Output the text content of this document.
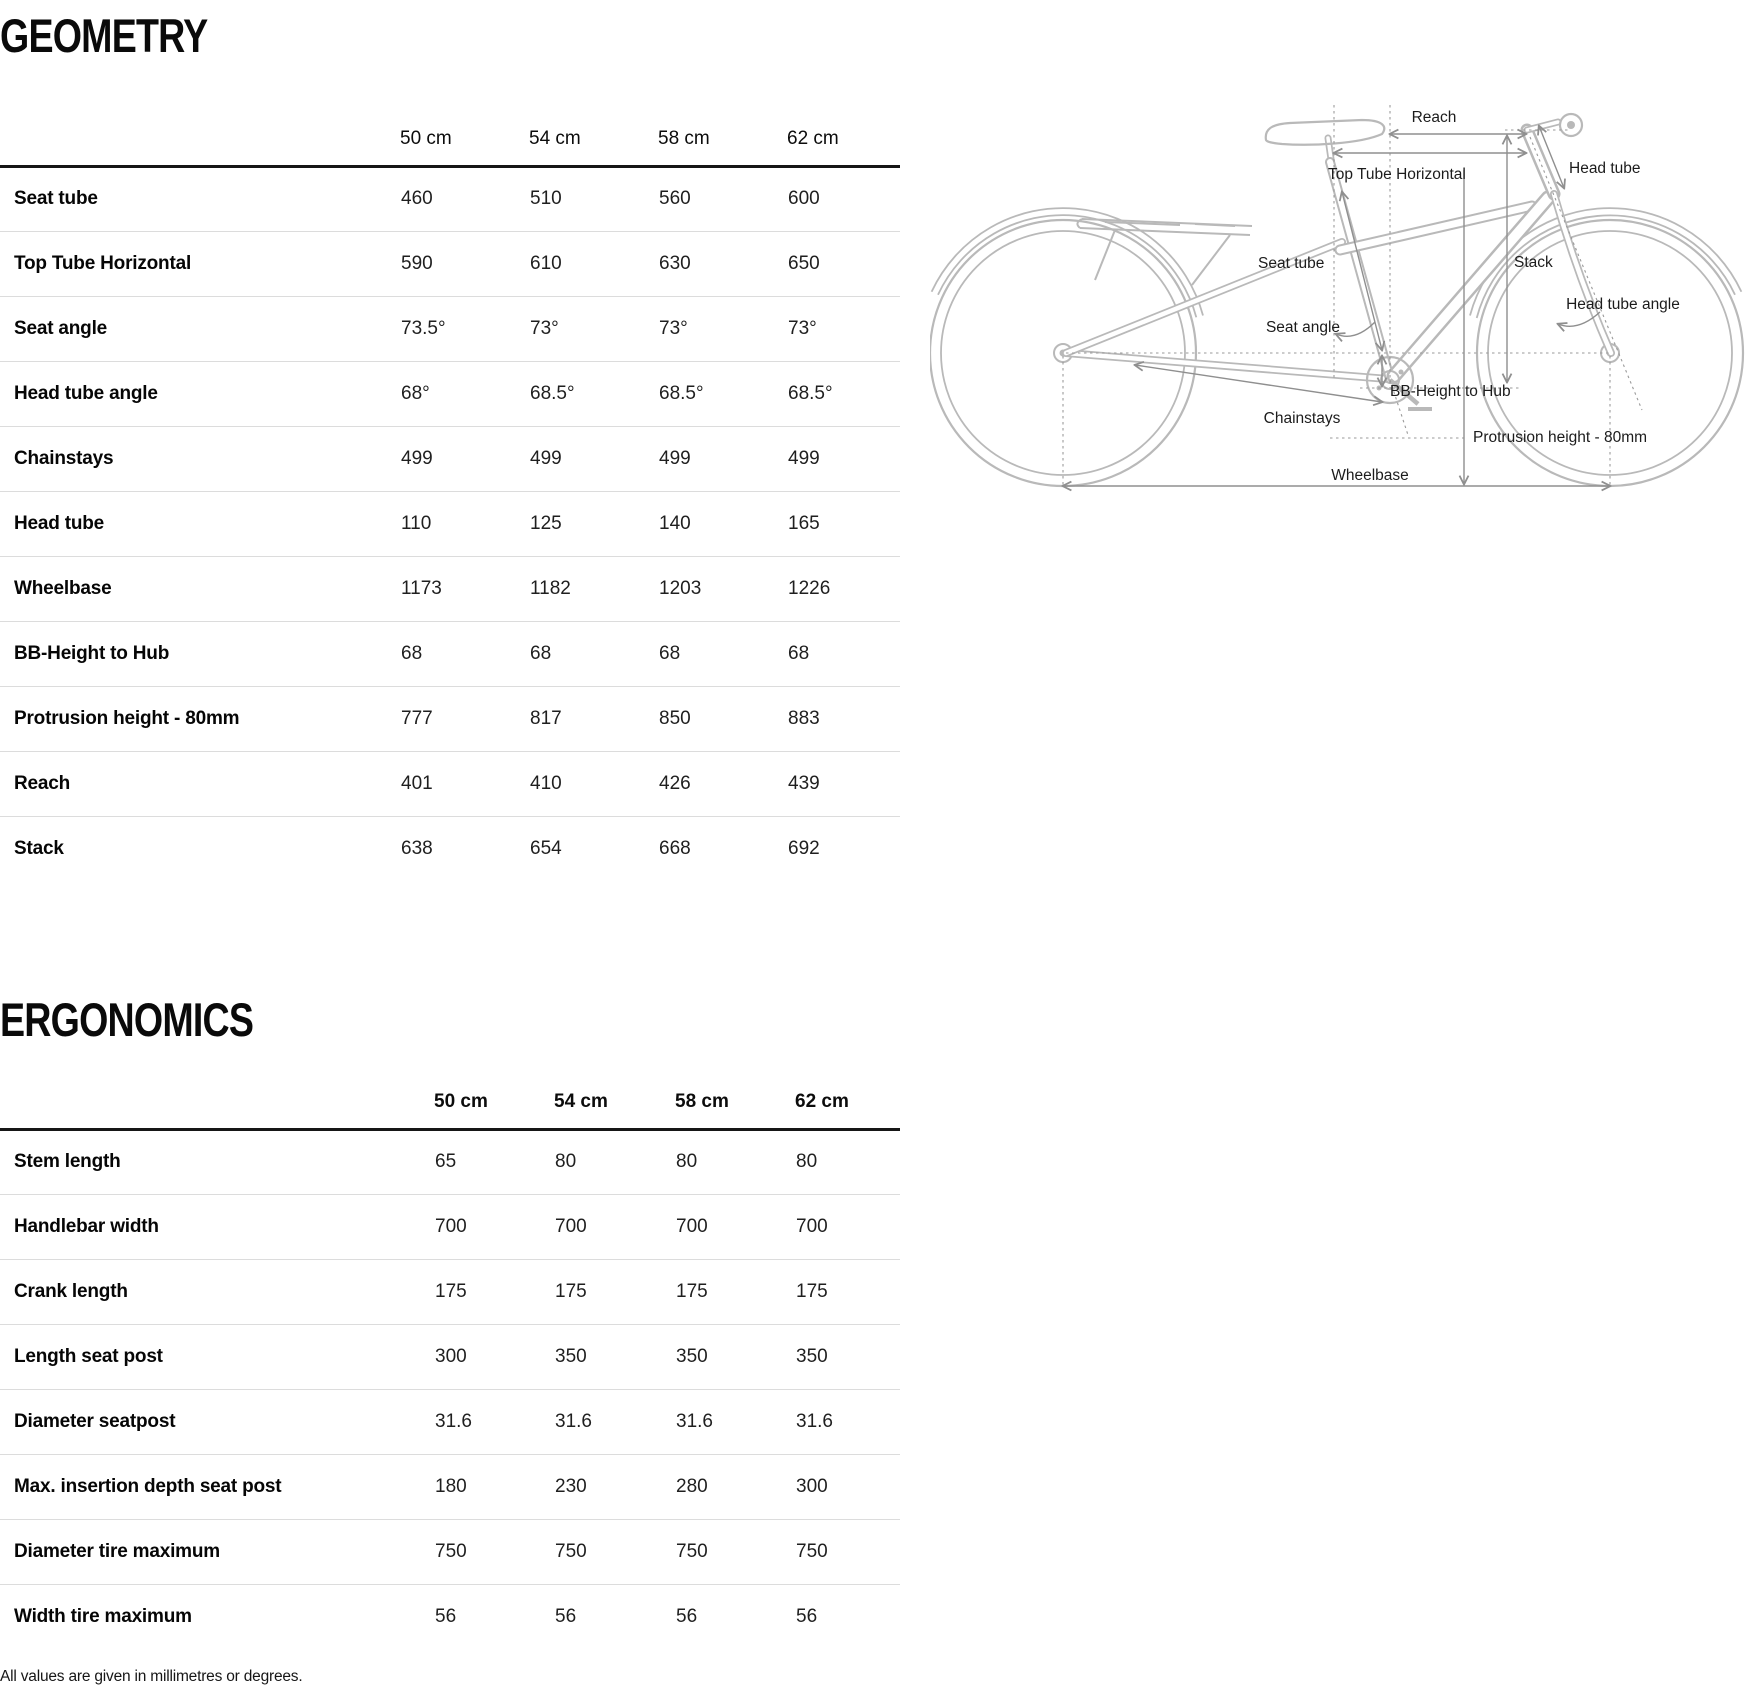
GEOMETRY
	50 cm	54 cm	58 cm	62 cm
Seat tube	460	510	560	600
Top Tube Horizontal	590	610	630	650
Seat angle	73.5°	73°	73°	73°
Head tube angle	68°	68.5°	68.5°	68.5°
Chainstays	499	499	499	499
Head tube	110	125	140	165
Wheelbase	1173	1182	1203	1226
BB-Height to Hub	68	68	68	68
Protrusion height - 80mm	777	817	850	883
Reach	401	410	426	439
Stack	638	654	668	692
ERGONOMICS
	50 cm	54 cm	58 cm	62 cm
Stem length	65	80	80	80
Handlebar width	700	700	700	700
Crank length	175	175	175	175
Length seat post	300	350	350	350
Diameter seatpost	31.6	31.6	31.6	31.6
Max. insertion depth seat post	180	230	280	300
Diameter tire maximum	750	750	750	750
Width tire maximum	56	56	56	56
All values are given in millimetres or degrees.
Reach
Top Tube Horizontal	Head tube
Seat tube	Stack
Head tube angle
Seat angle
BB-Height to Hub
Chainstays
Protrusion height - 80mm
Wheelbase
